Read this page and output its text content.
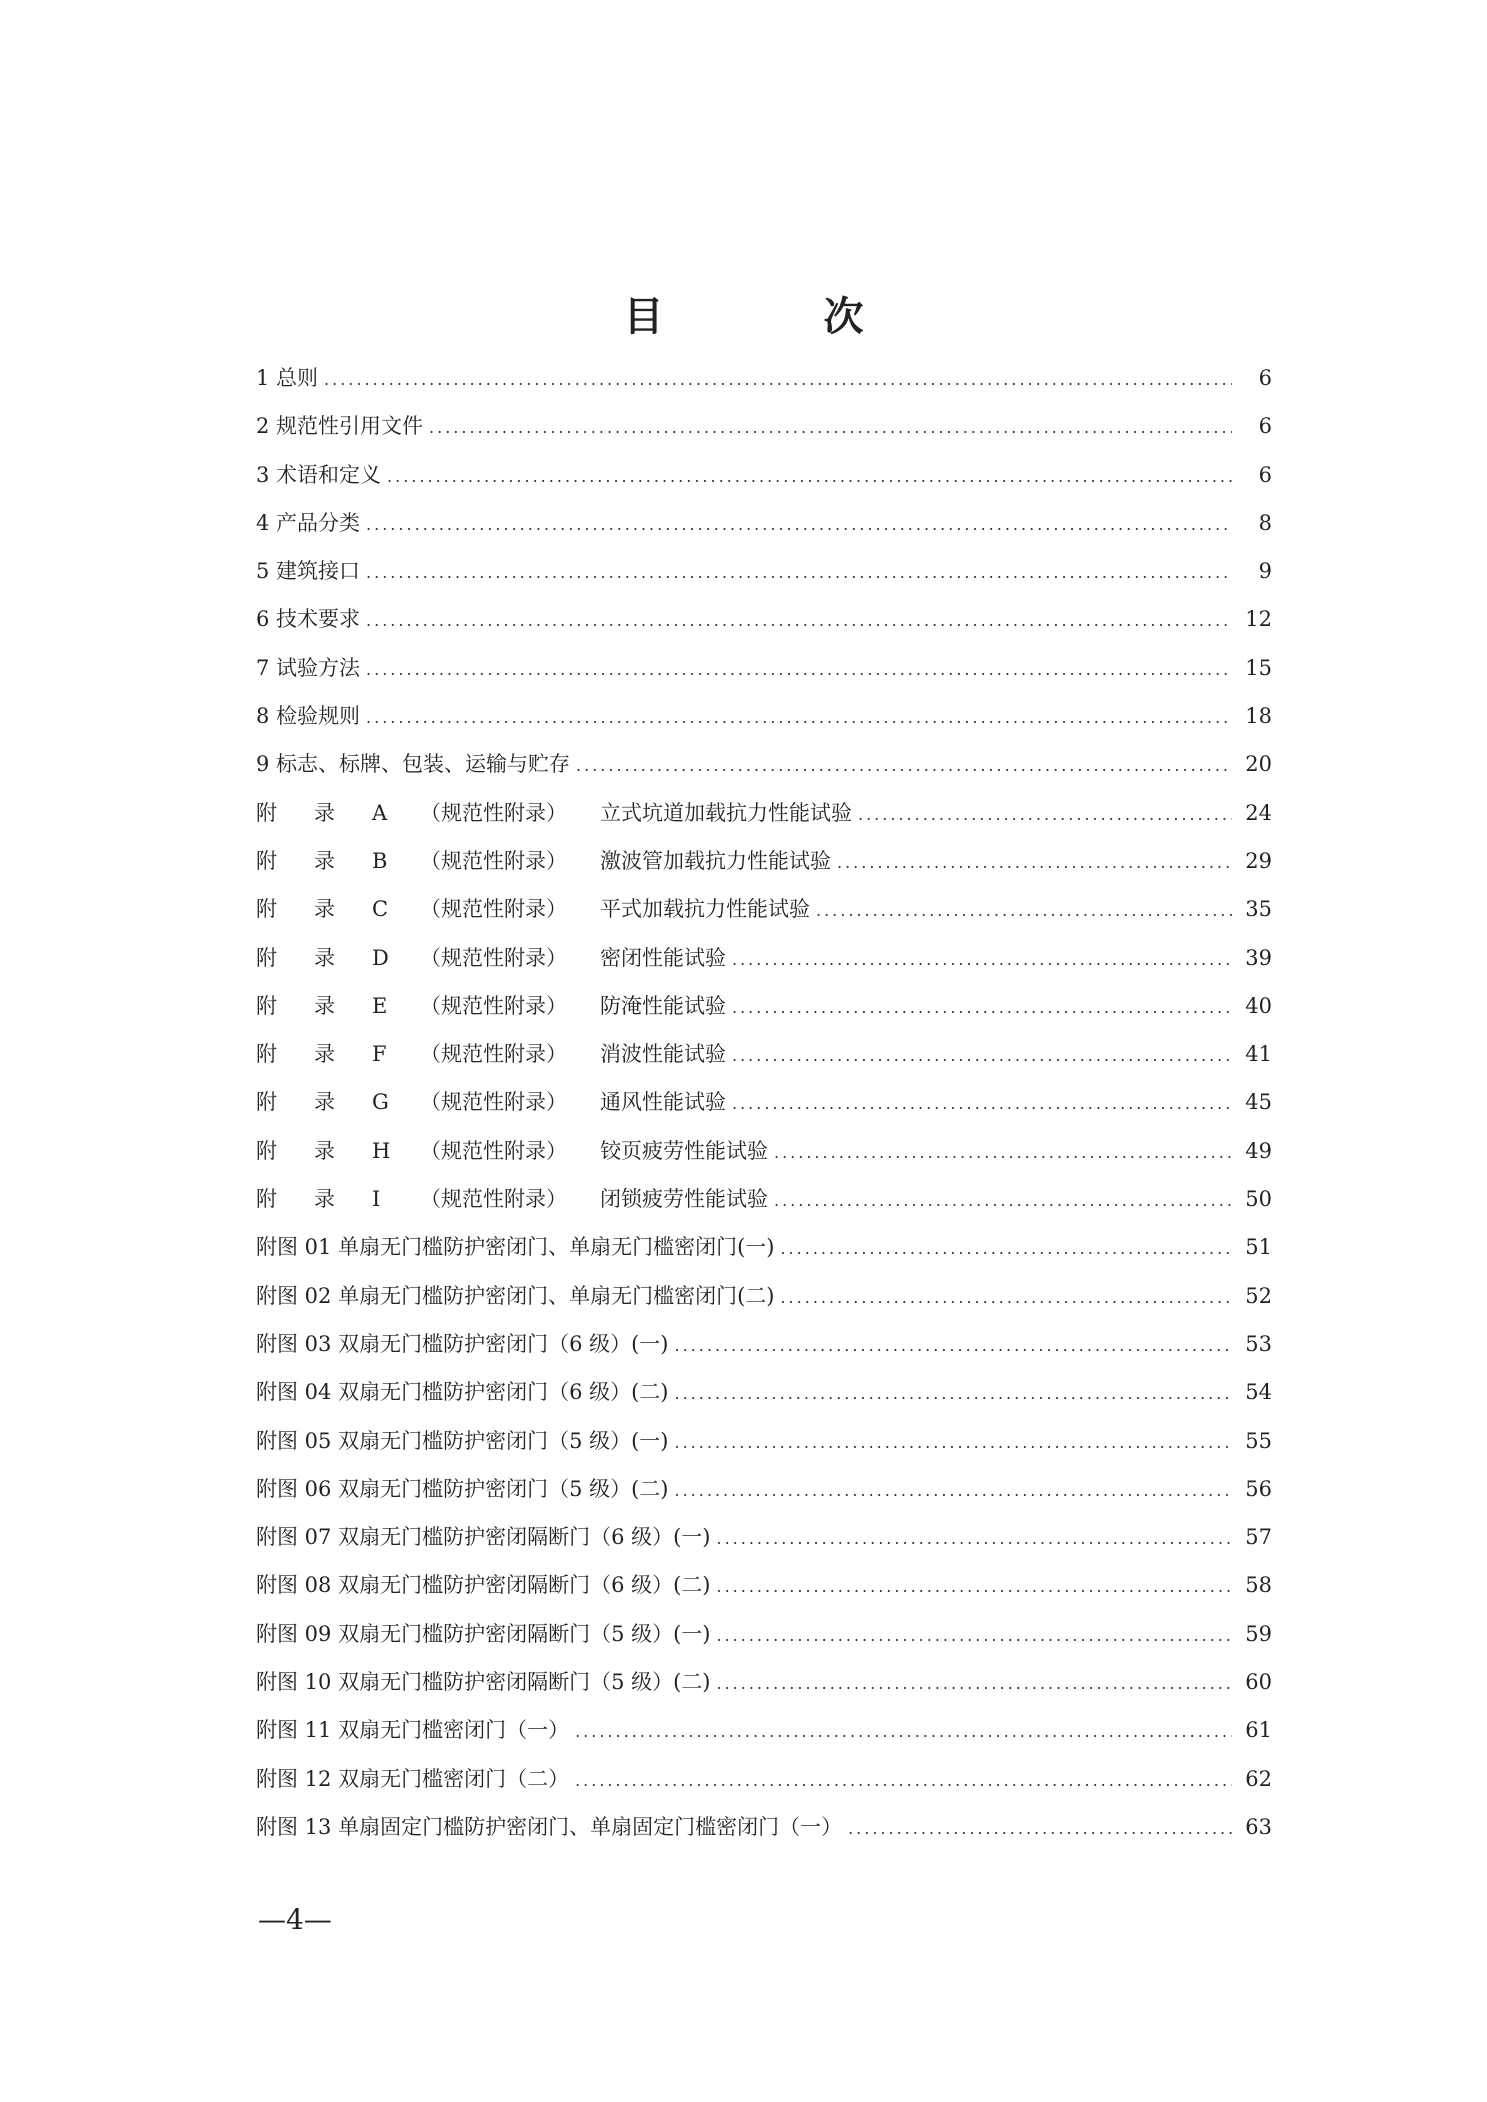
目　次
1 总则 .....	6
2 规范性引用文件 .....	6
3 术语和定义 .....	6
4 产品分类 .....	8
5 建筑接口 .....	9
6 技术要求 .....	12
7 试验方法 .....	15
8 检验规则 .....	18
9 标志、标牌、包装、运输与贮存 .....	20
附 录 A （规范性附录） 立式坑道加载抗力性能试验 .....	24
附 录 B （规范性附录） 激波管加载抗力性能试验 .....	29
附 录 C （规范性附录） 平式加载抗力性能试验 .....	35
附 录 D （规范性附录） 密闭性能试验 .....	39
附 录 E （规范性附录） 防淹性能试验 .....	40
附 录 F （规范性附录） 消波性能试验 .....	41
附 录 G （规范性附录） 通风性能试验 .....	45
附 录 H （规范性附录） 铰页疲劳性能试验 .....	49
附 录 I （规范性附录） 闭锁疲劳性能试验 .....	50
附图 01 单扇无门槛防护密闭门、单扇无门槛密闭门(一) .....	51
附图 02 单扇无门槛防护密闭门、单扇无门槛密闭门(二) .....	52
附图 03 双扇无门槛防护密闭门（6 级）(一) .....	53
附图 04 双扇无门槛防护密闭门（6 级）(二) .....	54
附图 05 双扇无门槛防护密闭门（5 级）(一) .....	55
附图 06 双扇无门槛防护密闭门（5 级）(二) .....	56
附图 07 双扇无门槛防护密闭隔断门（6 级）(一) .....	57
附图 08 双扇无门槛防护密闭隔断门（6 级）(二) .....	58
附图 09 双扇无门槛防护密闭隔断门（5 级）(一) .....	59
附图 10 双扇无门槛防护密闭隔断门（5 级）(二) .....	60
附图 11 双扇无门槛密闭门（一） .....	61
附图 12 双扇无门槛密闭门（二） .....	62
附图 13 单扇固定门槛防护密闭门、单扇固定门槛密闭门（一） .....	63
—4—
